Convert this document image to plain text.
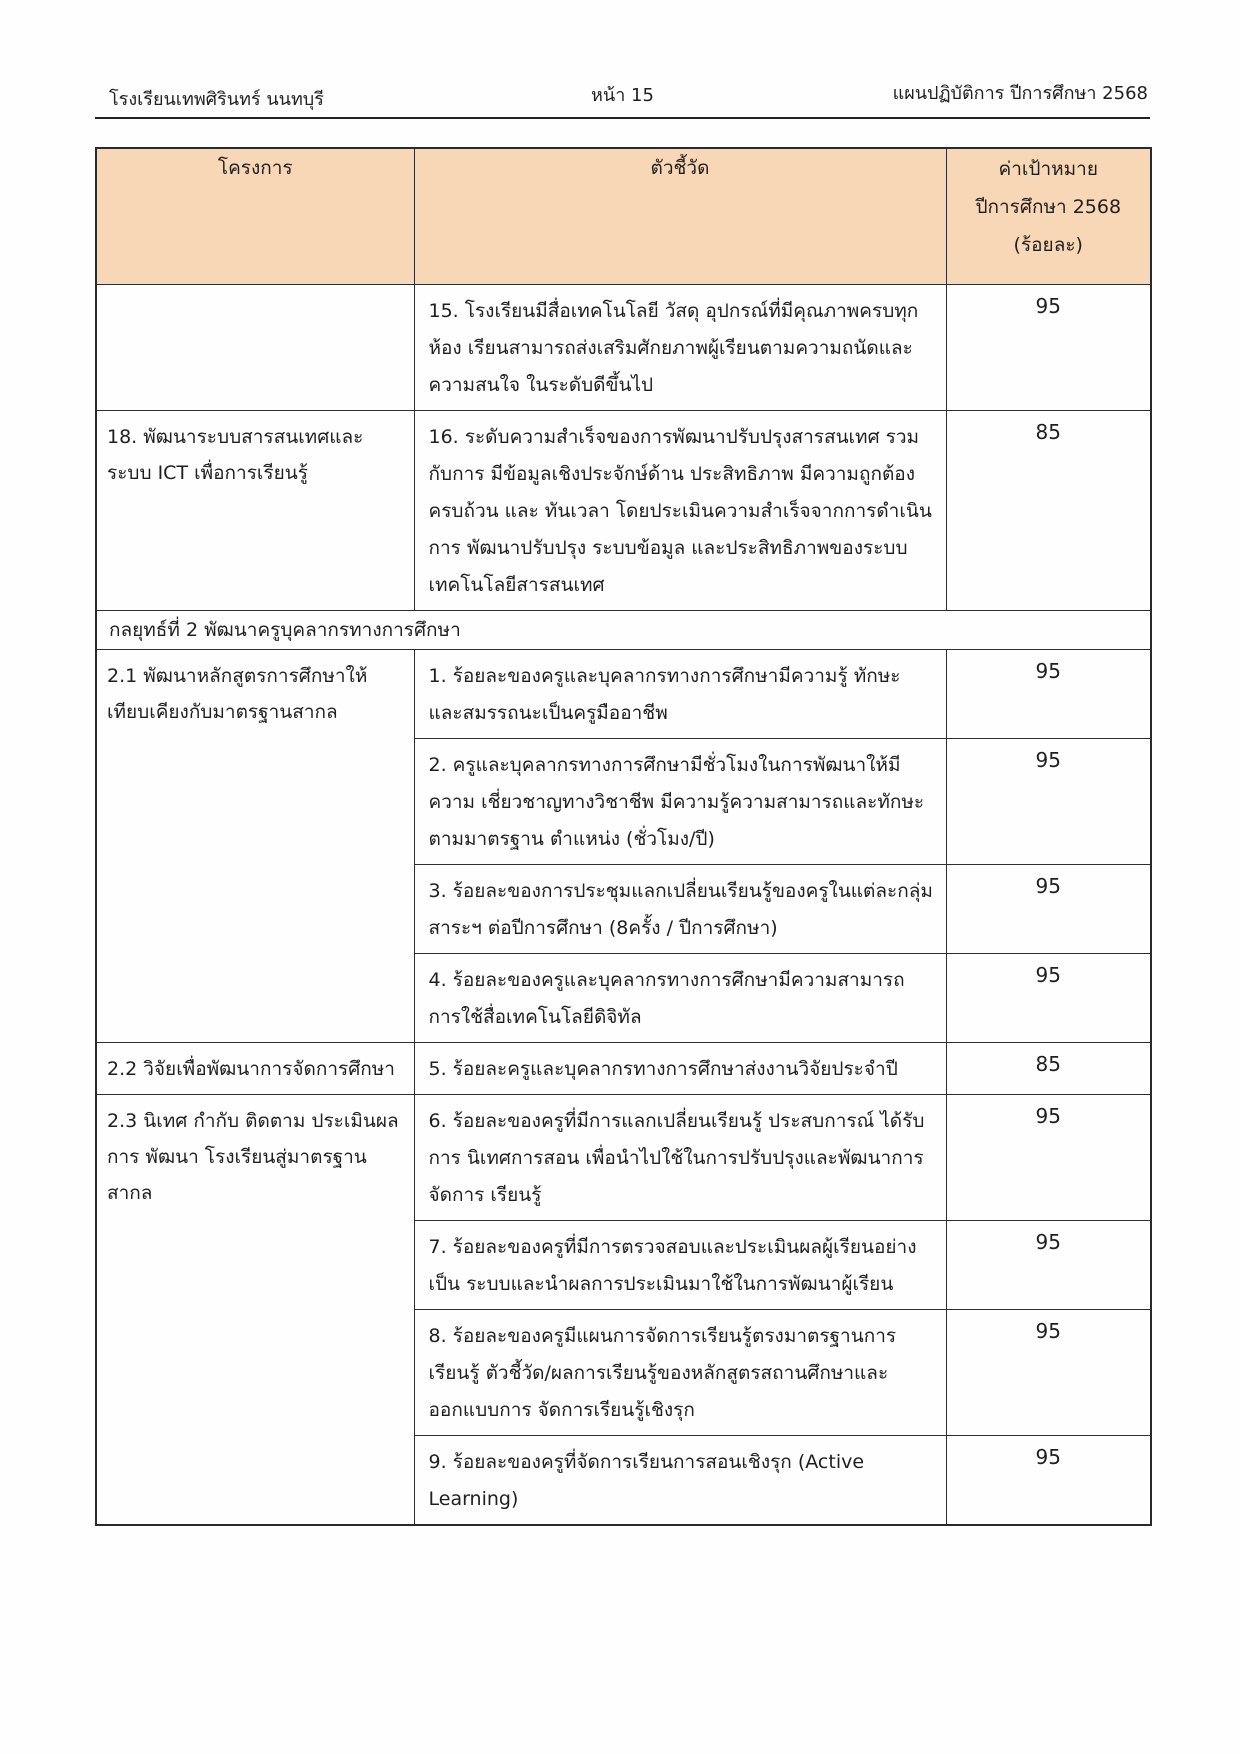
โรงเรียนเทพศิรินทร์ นนทบุรี	หน้า 15	แผนปฏิบัติการ ปีการศึกษา 2568
โครงการ	ตัวชี้วัด	ค่าเป้าหมาย
ปีการศึกษา 2568
(ร้อยละ)

	15. โรงเรียนมีสื่อเทคโนโลยี วัสดุ อุปกรณ์ที่มีคุณภาพครบทุกห้อง เรียนสามารถส่งเสริมศักยภาพผู้เรียนตามความถนัดและความสนใจ ในระดับดีขึ้นไป	95
18. พัฒนาระบบสารสนเทศและระบบ ICT เพื่อการเรียนรู้	16. ระดับความสำเร็จของการพัฒนาปรับปรุงสารสนเทศ รวมกับการ มีข้อมูลเชิงประจักษ์ด้าน ประสิทธิภาพ มีความถูกต้อง ครบถ้วน และ ทันเวลา โดยประเมินความสำเร็จจากการดำเนินการ พัฒนาปรับปรุง ระบบข้อมูล และประสิทธิภาพของระบบเทคโนโลยีสารสนเทศ	85
กลยุทธ์ที่ 2 พัฒนาครูบุคลากรทางการศึกษา		
2.1 พัฒนาหลักสูตรการศึกษาให้ เทียบเคียงกับมาตรฐานสากล	1. ร้อยละของครูและบุคลากรทางการศึกษามีความรู้ ทักษะ และสมรรถนะเป็นครูมืออาชีพ	95
	2. ครูและบุคลากรทางการศึกษามีชั่วโมงในการพัฒนาให้มีความ เชี่ยวชาญทางวิชาชีพ มีความรู้ความสามารถและทักษะตามมาตรฐาน ตำแหน่ง (ชั่วโมง/ปี)	95
	3. ร้อยละของการประชุมแลกเปลี่ยนเรียนรู้ของครูในแต่ละกลุ่ม สาระฯ ต่อปีการศึกษา (8ครั้ง / ปีการศึกษา)	95
	4. ร้อยละของครูและบุคลากรทางการศึกษามีความสามารถ การใช้สื่อเทคโนโลยีดิจิทัล	95
2.2 วิจัยเพื่อพัฒนาการจัดการศึกษา	5. ร้อยละครูและบุคลากรทางการศึกษาส่งงานวิจัยประจำปี	85
2.3 นิเทศ กำกับ ติดตาม ประเมินผลการ พัฒนา โรงเรียนสู่มาตรฐานสากล	6. ร้อยละของครูที่มีการแลกเปลี่ยนเรียนรู้ ประสบการณ์ ได้รับการ นิเทศการสอน เพื่อนำไปใช้ในการปรับปรุงและพัฒนาการจัดการ เรียนรู้	95
	7. ร้อยละของครูที่มีการตรวจสอบและประเมินผลผู้เรียนอย่างเป็น ระบบและนำผลการประเมินมาใช้ในการพัฒนาผู้เรียน	95
	8. ร้อยละของครูมีแผนการจัดการเรียนรู้ตรงมาตรฐานการเรียนรู้ ตัวชี้วัด/ผลการเรียนรู้ของหลักสูตรสถานศึกษาและออกแบบการ จัดการเรียนรู้เชิงรุก	95
	9. ร้อยละของครูที่จัดการเรียนการสอนเชิงรุก (Active Learning)	95
